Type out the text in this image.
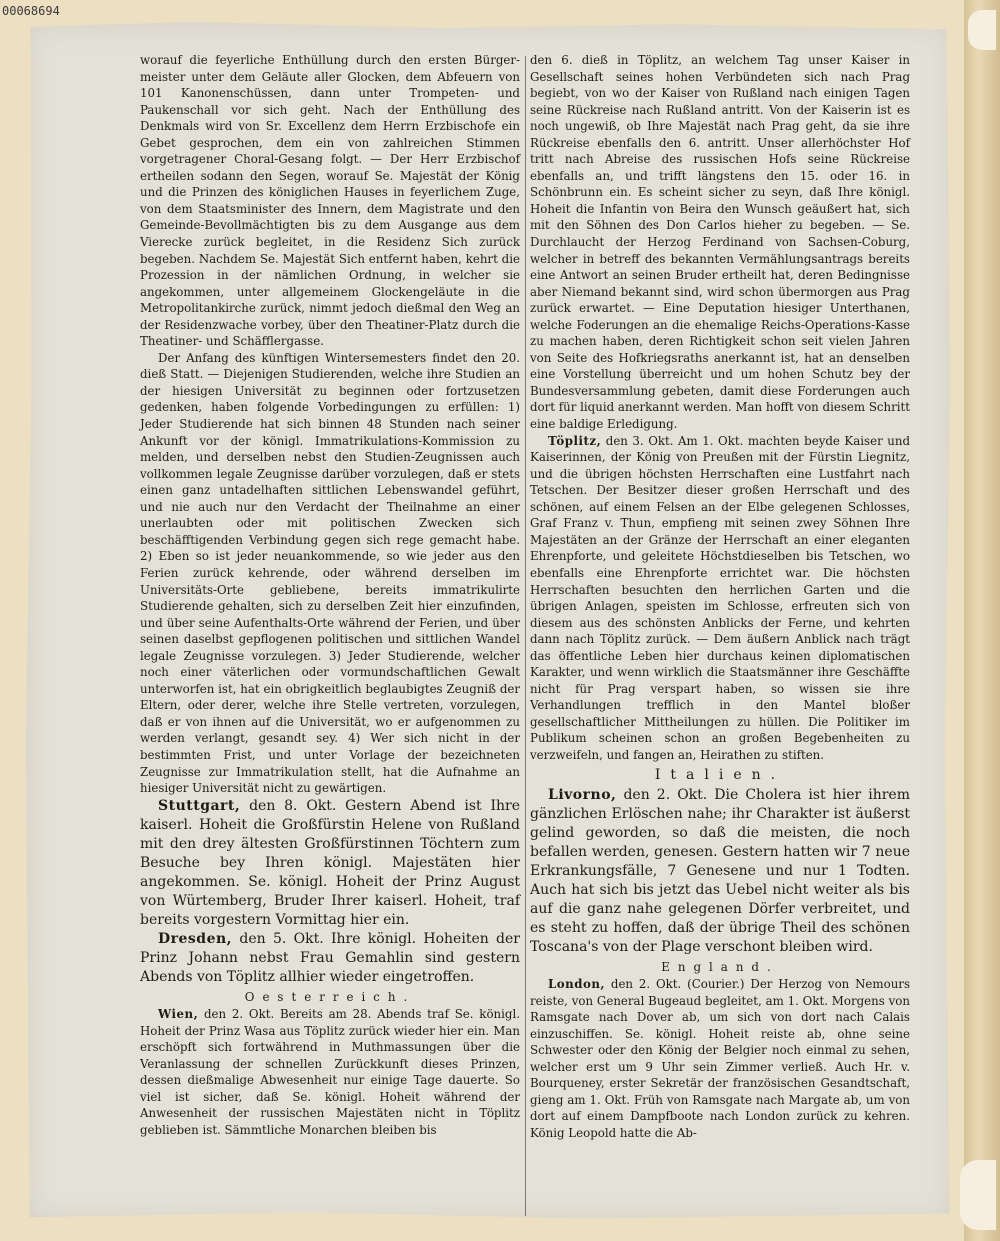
00068694

worauf die feyerliche Enthüllung durch den ersten Bürger-meister unter dem Geläute aller Glocken, dem Abfeuern von 101 Kanonenschüssen, dann unter Trompeten- und Paukenschall vor sich geht. Nach der Enthüllung des Denkmals wird von Sr. Excellenz dem Herrn Erzbischofe ein Gebet gesprochen, dem ein von zahlreichen Stimmen vorgetragener Choral-Gesang folgt. — Der Herr Erzbischof ertheilen sodann den Segen, worauf Se. Majestät der König und die Prinzen des königlichen Hauses in feyerlichem Zuge, von dem Staatsminister des Innern, dem Magistrate und den Gemeinde-Bevollmächtigten bis zu dem Ausgange aus dem Vierecke zurück begleitet, in die Residenz Sich zurück begeben. Nachdem Se. Majestät Sich entfernt haben, kehrt die Prozession in der nämlichen Ordnung, in welcher sie angekommen, unter allgemeinem Glockengeläute in die Metropolitankirche zurück, nimmt jedoch dießmal den Weg an der Residenzwache vorbey, über den Theatiner-Platz durch die Theatiner- und Schäfflergasse.

Der Anfang des künftigen Wintersemesters findet den 20. dieß Statt. — Diejenigen Studierenden, welche ihre Studien an der hiesigen Universität zu beginnen oder fortzusetzen gedenken, haben folgende Vorbedingungen zu erfüllen: 1) Jeder Studierende hat sich binnen 48 Stunden nach seiner Ankunft vor der königl. Immatrikulations-Kommission zu melden, und derselben nebst den Studien-Zeugnissen auch vollkommen legale Zeugnisse darüber vorzulegen, daß er stets einen ganz untadelhaften sittlichen Lebenswandel geführt, und nie auch nur den Verdacht der Theilnahme an einer unerlaubten oder mit politischen Zwecken sich beschäfftigenden Verbindung gegen sich rege gemacht habe. 2) Eben so ist jeder neuankommende, so wie jeder aus den Ferien zurück kehrende, oder während derselben im Universitäts-Orte gebliebene, bereits immatrikulirte Studierende gehalten, sich zu derselben Zeit hier einzufinden, und über seine Aufenthalts-Orte während der Ferien, und über seinen daselbst gepflogenen politischen und sittlichen Wandel legale Zeugnisse vorzulegen. 3) Jeder Studierende, welcher noch einer väterlichen oder vormundschaftlichen Gewalt unterworfen ist, hat ein obrigkeitlich beglaubigtes Zeugniß der Eltern, oder derer, welche ihre Stelle vertreten, vorzulegen, daß er von ihnen auf die Universität, wo er aufgenommen zu werden verlangt, gesandt sey. 4) Wer sich nicht in der bestimmten Frist, und unter Vorlage der bezeichneten Zeugnisse zur Immatrikulation stellt, hat die Aufnahme an hiesiger Universität nicht zu gewärtigen.

Stuttgart, den 8. Okt. Gestern Abend ist Ihre kaiserl. Hoheit die Großfürstin Helene von Rußland mit den drey ältesten Großfürstinnen Töchtern zum Besuche bey Ihren königl. Majestäten hier angekommen. Se. königl. Hoheit der Prinz August von Würtemberg, Bruder Ihrer kaiserl. Hoheit, traf bereits vorgestern Vormittag hier ein.

Dresden, den 5. Okt. Ihre königl. Hoheiten der Prinz Johann nebst Frau Gemahlin sind gestern Abends von Töplitz allhier wieder eingetroffen.

Oesterreich.

Wien, den 2. Okt. Bereits am 28. Abends traf Se. königl. Hoheit der Prinz Wasa aus Töplitz zurück wieder hier ein. Man erschöpft sich fortwährend in Muthmassungen über die Veranlassung der schnellen Zurückkunft dieses Prinzen, dessen dießmalige Abwesenheit nur einige Tage dauerte. So viel ist sicher, daß Se. königl. Hoheit während der Anwesenheit der russischen Majestäten nicht in Töplitz geblieben ist. Sämmtliche Monarchen bleiben bis

den 6. dieß in Töplitz, an welchem Tag unser Kaiser in Gesellschaft seines hohen Verbündeten sich nach Prag begiebt, von wo der Kaiser von Rußland nach einigen Tagen seine Rückreise nach Rußland antritt. Von der Kaiserin ist es noch ungewiß, ob Ihre Majestät nach Prag geht, da sie ihre Rückreise ebenfalls den 6. antritt. Unser allerhöchster Hof tritt nach Abreise des russischen Hofs seine Rückreise ebenfalls an, und trifft längstens den 15. oder 16. in Schönbrunn ein. Es scheint sicher zu seyn, daß Ihre königl. Hoheit die Infantin von Beira den Wunsch geäußert hat, sich mit den Söhnen des Don Carlos hieher zu begeben. — Se. Durchlaucht der Herzog Ferdinand von Sachsen-Coburg, welcher in betreff des bekannten Vermählungsantrags bereits eine Antwort an seinen Bruder ertheilt hat, deren Bedingnisse aber Niemand bekannt sind, wird schon übermorgen aus Prag zurück erwartet. — Eine Deputation hiesiger Unterthanen, welche Foderungen an die ehemalige Reichs-Operations-Kasse zu machen haben, deren Richtigkeit schon seit vielen Jahren von Seite des Hofkriegsraths anerkannt ist, hat an denselben eine Vorstellung überreicht und um hohen Schutz bey der Bundesversammlung gebeten, damit diese Forderungen auch dort für liquid anerkannt werden. Man hofft von diesem Schritt eine baldige Erledigung.

Töplitz, den 3. Okt. Am 1. Okt. machten beyde Kaiser und Kaiserinnen, der König von Preußen mit der Fürstin Liegnitz, und die übrigen höchsten Herrschaften eine Lustfahrt nach Tetschen. Der Besitzer dieser großen Herrschaft und des schönen, auf einem Felsen an der Elbe gelegenen Schlosses, Graf Franz v. Thun, empfieng mit seinen zwey Söhnen Ihre Majestäten an der Gränze der Herrschaft an einer eleganten Ehrenpforte, und geleitete Höchstdieselben bis Tetschen, wo ebenfalls eine Ehrenpforte errichtet war. Die höchsten Herrschaften besuchten den herrlichen Garten und die übrigen Anlagen, speisten im Schlosse, erfreuten sich von diesem aus des schönsten Anblicks der Ferne, und kehrten dann nach Töplitz zurück. — Dem äußern Anblick nach trägt das öffentliche Leben hier durchaus keinen diplomatischen Karakter, und wenn wirklich die Staatsmänner ihre Geschäffte nicht für Prag verspart haben, so wissen sie ihre Verhandlungen trefflich in den Mantel bloßer gesellschaftlicher Mittheilungen zu hüllen. Die Politiker im Publikum scheinen schon an großen Begebenheiten zu verzweifeln, und fangen an, Heirathen zu stiften.

Italien.

Livorno, den 2. Okt. Die Cholera ist hier ihrem gänzlichen Erlöschen nahe; ihr Charakter ist äußerst gelind geworden, so daß die meisten, die noch befallen werden, genesen. Gestern hatten wir 7 neue Erkrankungsfälle, 7 Genesene und nur 1 Todten. Auch hat sich bis jetzt das Uebel nicht weiter als bis auf die ganz nahe gelegenen Dörfer verbreitet, und es steht zu hoffen, daß der übrige Theil des schönen Toscana's von der Plage verschont bleiben wird.

England.

London, den 2. Okt. (Courier.) Der Herzog von Nemours reiste, von General Bugeaud begleitet, am 1. Okt. Morgens von Ramsgate nach Dover ab, um sich von dort nach Calais einzuschiffen. Se. königl. Hoheit reiste ab, ohne seine Schwester oder den König der Belgier noch einmal zu sehen, welcher erst um 9 Uhr sein Zimmer verließ. Auch Hr. v. Bourqueney, erster Sekretär der französischen Gesandtschaft, gieng am 1. Okt. Früh von Ramsgate nach Margate ab, um von dort auf einem Dampfboote nach London zurück zu kehren. König Leopold hatte die Ab-
